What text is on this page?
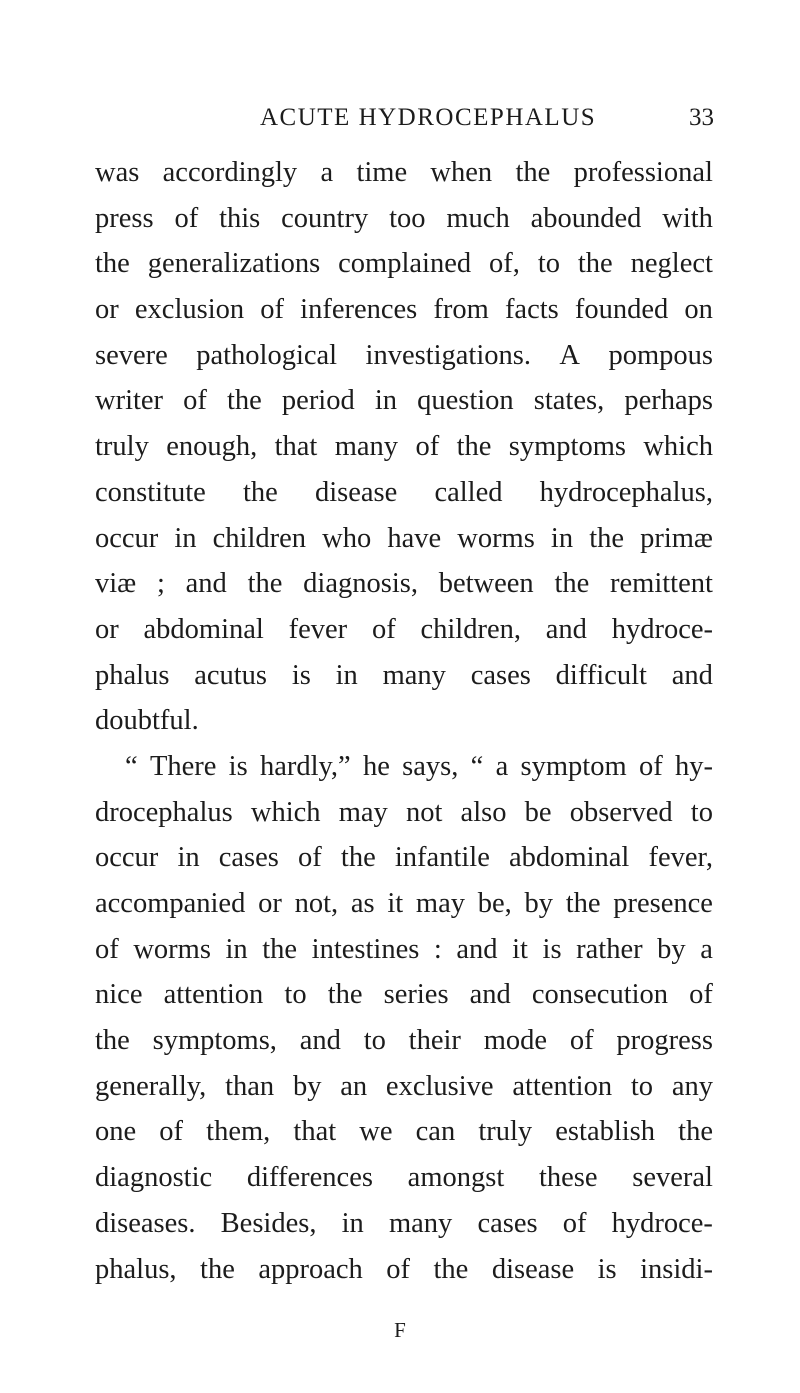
ACUTE HYDROCEPHALUS	33
was accordingly a time when the professional
press of this country too much abounded with
the generalizations complained of, to the neglect
or exclusion of inferences from facts founded on
severe pathological investigations. A pompous
writer of the period in question states, perhaps
truly enough, that many of the symptoms which
constitute the disease called hydrocephalus,
occur in children who have worms in the primæ
viæ ; and the diagnosis, between the remittent
or abdominal fever of children, and hydroce-
phalus acutus is in many cases difficult and
doubtful.
“ There is hardly,” he says, “ a symptom of hy-
drocephalus which may not also be observed to
occur in cases of the infantile abdominal fever,
accompanied or not, as it may be, by the presence
of worms in the intestines : and it is rather by a
nice attention to the series and consecution of
the symptoms, and to their mode of progress
generally, than by an exclusive attention to any
one of them, that we can truly establish the
diagnostic differences amongst these several
diseases. Besides, in many cases of hydroce-
phalus, the approach of the disease is insidi-
F
